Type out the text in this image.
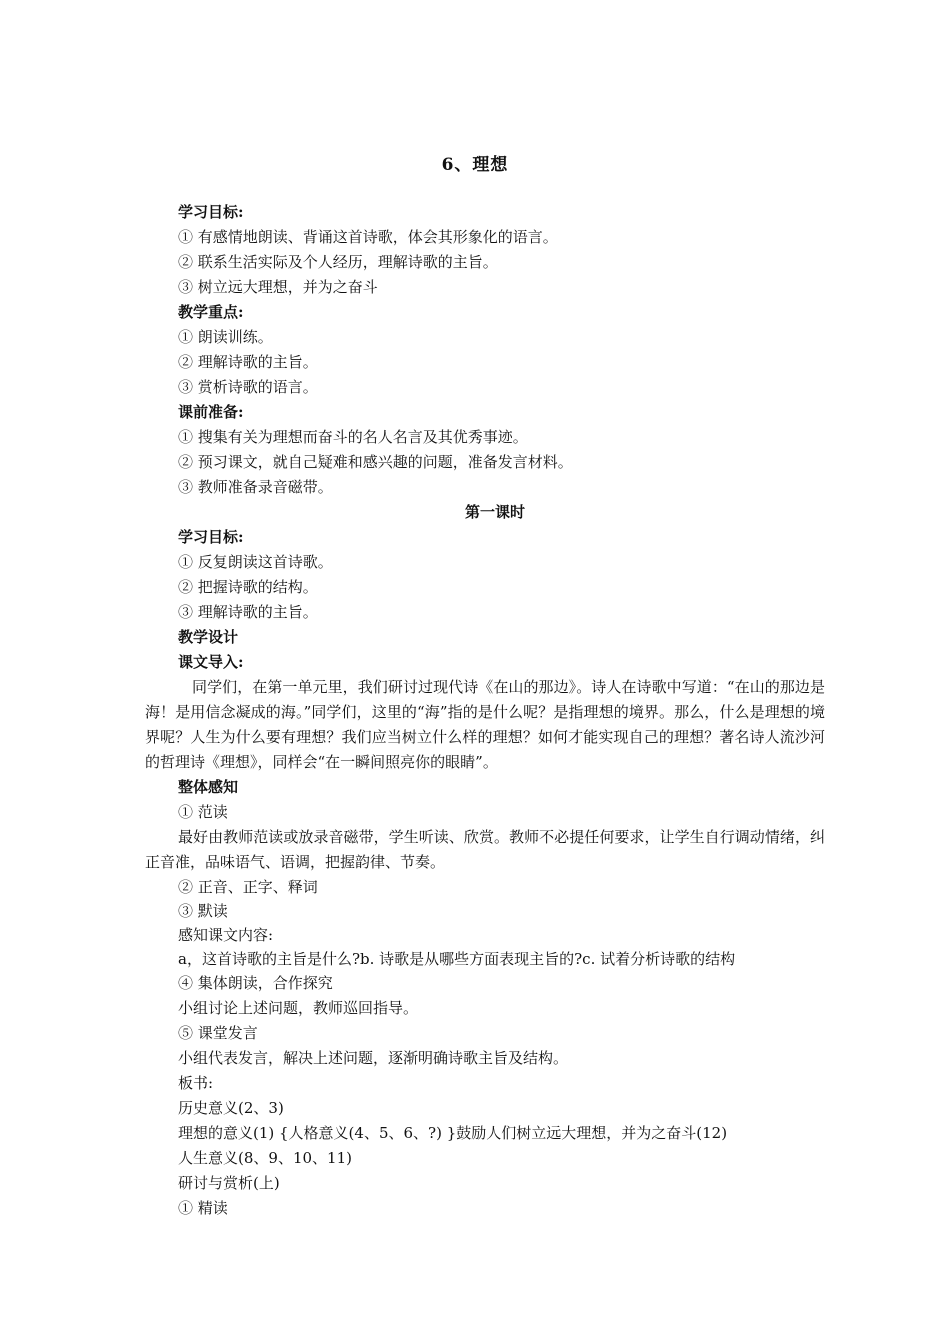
6、理想
学习目标:
① 有感情地朗读、背诵这首诗歌，体会其形象化的语言。
② 联系生活实际及个人经历，理解诗歌的主旨。
③ 树立远大理想，并为之奋斗
教学重点:
① 朗读训练。
② 理解诗歌的主旨。
③ 赏析诗歌的语言。
课前准备:
① 搜集有关为理想而奋斗的名人名言及其优秀事迹。
② 预习课文，就自己疑难和感兴趣的问题，准备发言材料。
③ 教师准备录音磁带。
第一课时
学习目标:
① 反复朗读这首诗歌。
② 把握诗歌的结构。
③ 理解诗歌的主旨。
教学设计
课文导入:
同学们，在第一单元里，我们研讨过现代诗《在山的那边》。诗人在诗歌中写道：“在山的那边是海！是用信念凝成的海。”同学们，这里的“海”指的是什么呢？是指理想的境界。那么，什么是理想的境界呢？人生为什么要有理想？我们应当树立什么样的理想？如何才能实现自己的理想？著名诗人流沙河的哲理诗《理想》，同样会“在一瞬间照亮你的眼睛”。
整体感知
① 范读
最好由教师范读或放录音磁带，学生听读、欣赏。教师不必提任何要求，让学生自行调动情绪，纠正音准，品味语气、语调，把握韵律、节奏。
② 正音、正字、释词
③ 默读
感知课文内容:
a，这首诗歌的主旨是什么?b. 诗歌是从哪些方面表现主旨的?c. 试着分析诗歌的结构
④ 集体朗读，合作探究
小组讨论上述问题，教师巡回指导。
⑤ 课堂发言
小组代表发言，解决上述问题，逐渐明确诗歌主旨及结构。
板书:
历史意义(2、3)
理想的意义(1) {人格意义(4、5、6、?) }鼓励人们树立远大理想，并为之奋斗(12)
人生意义(8、9、10、11)
研讨与赏析(上)
① 精读
